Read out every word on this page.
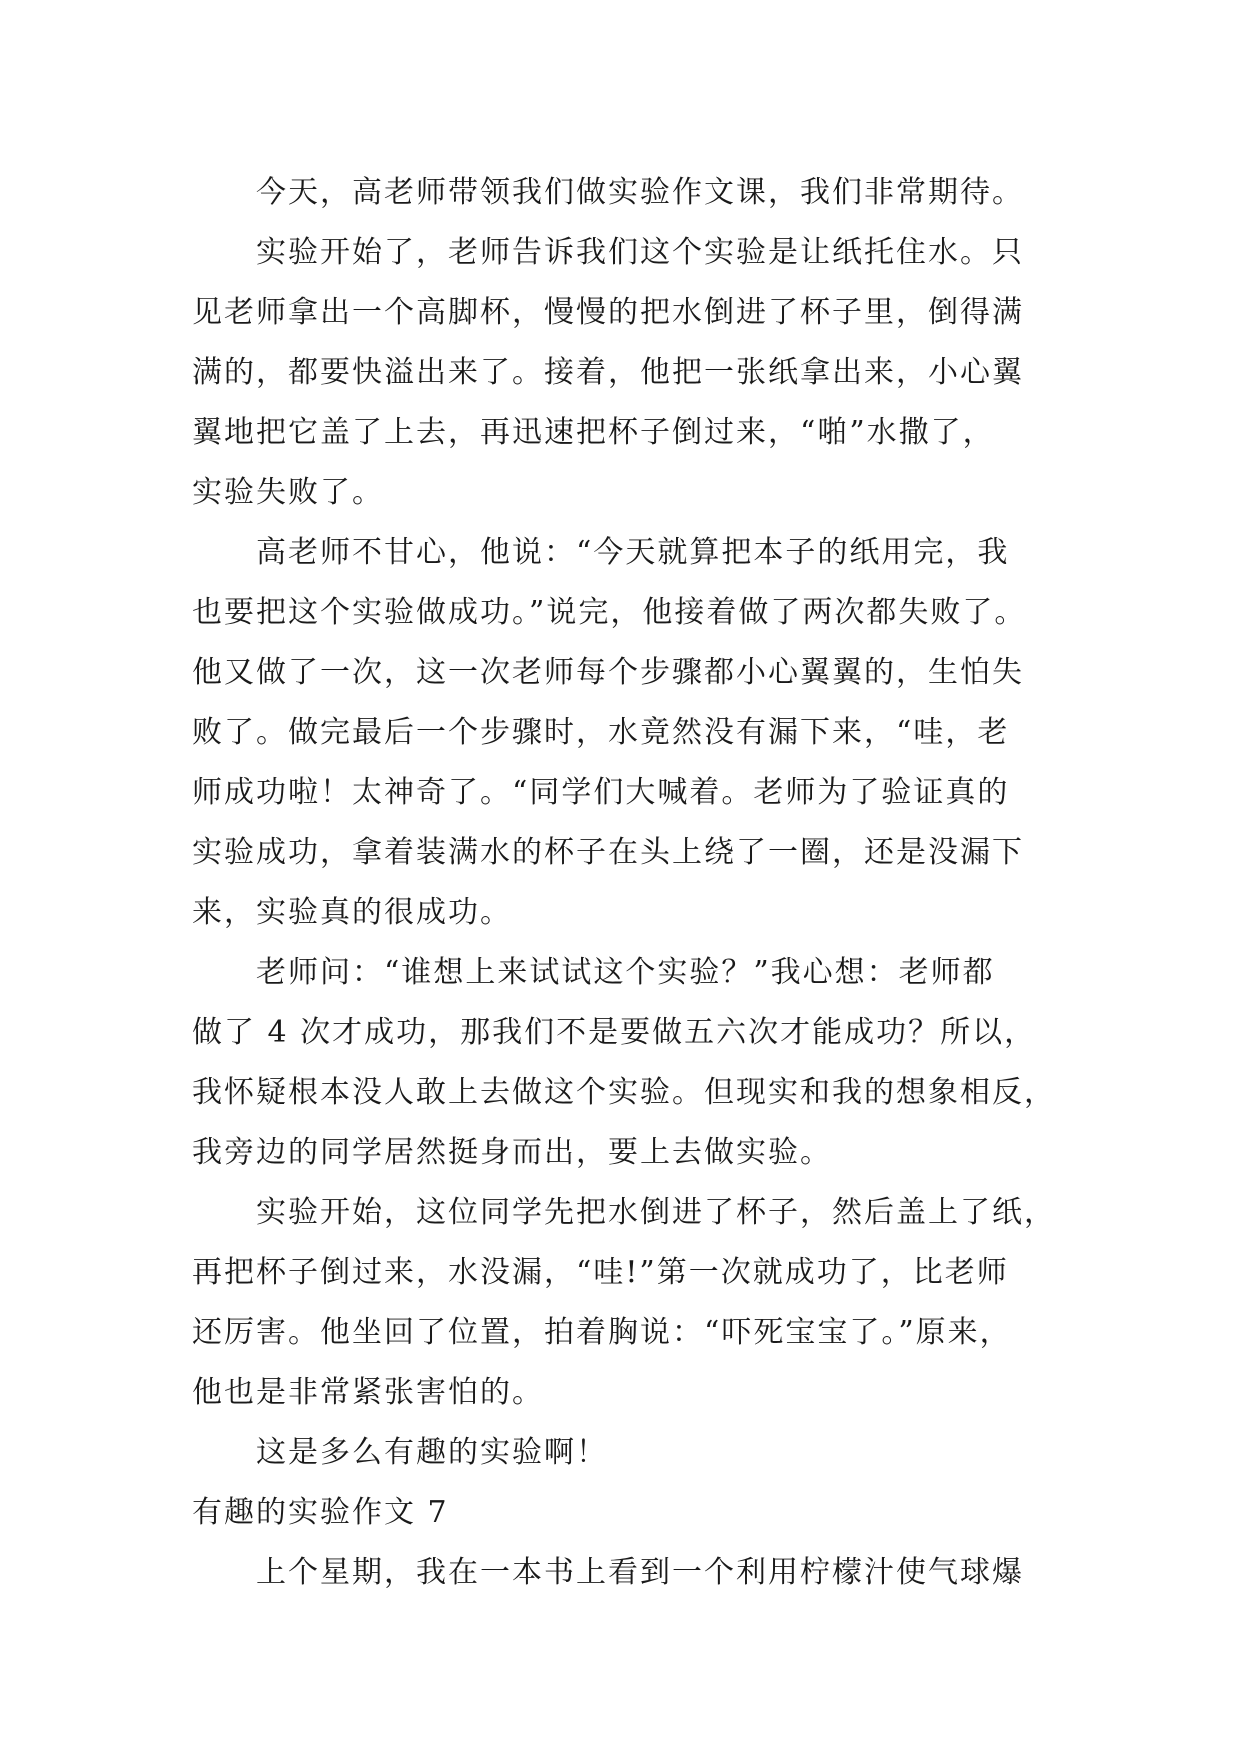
今天，高老师带领我们做实验作文课，我们非常期待。

实验开始了，老师告诉我们这个实验是让纸托住水。只
见老师拿出一个高脚杯，慢慢的把水倒进了杯子里，倒得满
满的，都要快溢出来了。接着，他把一张纸拿出来，小心翼
翼地把它盖了上去，再迅速把杯子倒过来，“啪”水撒了，
实验失败了。

高老师不甘心，他说：“今天就算把本子的纸用完，我
也要把这个实验做成功。”说完，他接着做了两次都失败了。
他又做了一次，这一次老师每个步骤都小心翼翼的，生怕失
败了。做完最后一个步骤时，水竟然没有漏下来，“哇，老
师成功啦！太神奇了。“同学们大喊着。老师为了验证真的
实验成功，拿着装满水的杯子在头上绕了一圈，还是没漏下
来，实验真的很成功。

老师问：“谁想上来试试这个实验？”我心想：老师都
做了 4 次才成功，那我们不是要做五六次才能成功？所以，
我怀疑根本没人敢上去做这个实验。但现实和我的想象相反，
我旁边的同学居然挺身而出，要上去做实验。

实验开始，这位同学先把水倒进了杯子，然后盖上了纸，
再把杯子倒过来，水没漏，“哇!”第一次就成功了，比老师
还厉害。他坐回了位置，拍着胸说：“吓死宝宝了。”原来，
他也是非常紧张害怕的。

这是多么有趣的实验啊！

有趣的实验作文 7

上个星期，我在一本书上看到一个利用柠檬汁使气球爆
